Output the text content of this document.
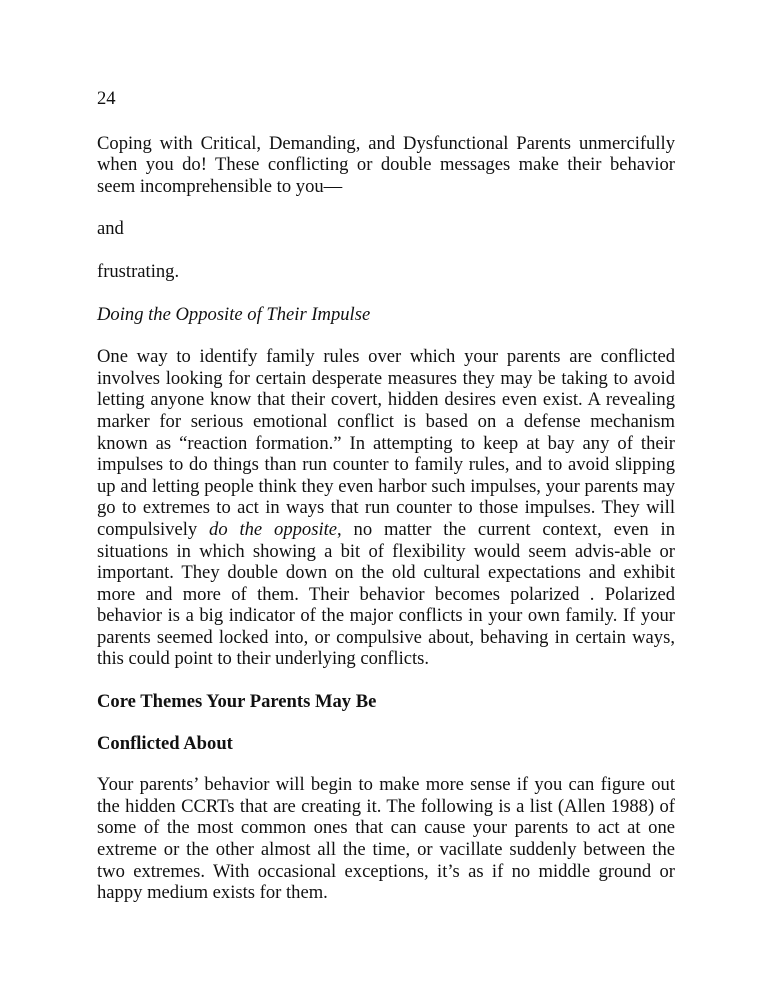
24

Coping with Critical, Demanding, and Dysfunctional Parents unmercifully when you do! These conflicting or double messages make their behavior seem incomprehensible to you—

and

frustrating.

Doing the Opposite of Their Impulse

One way to identify family rules over which your parents are conflicted involves looking for certain desperate measures they may be taking to avoid letting anyone know that their covert, hidden desires even exist. A revealing marker for serious emotional conflict is based on a defense mechanism known as “reaction formation.” In attempting to keep at bay any of their impulses to do things than run counter to family rules, and to avoid slipping up and letting people think they even harbor such impulses, your parents may go to extremes to act in ways that run counter to those impulses. They will compulsively do the opposite, no matter the current context, even in situations in which showing a bit of flexibility would seem advis-able or important. They double down on the old cultural expectations and exhibit more and more of them. Their behavior becomes polarized . Polarized behavior is a big indicator of the major conflicts in your own family. If your parents seemed locked into, or compulsive about, behaving in certain ways, this could point to their underlying conflicts.

Core Themes Your Parents May Be

Conflicted About

Your parents’ behavior will begin to make more sense if you can figure out the hidden CCRTs that are creating it. The following is a list (Allen 1988) of some of the most common ones that can cause your parents to act at one extreme or the other almost all the time, or vacillate suddenly between the two extremes. With occasional exceptions, it’s as if no middle ground or happy medium exists for them.
